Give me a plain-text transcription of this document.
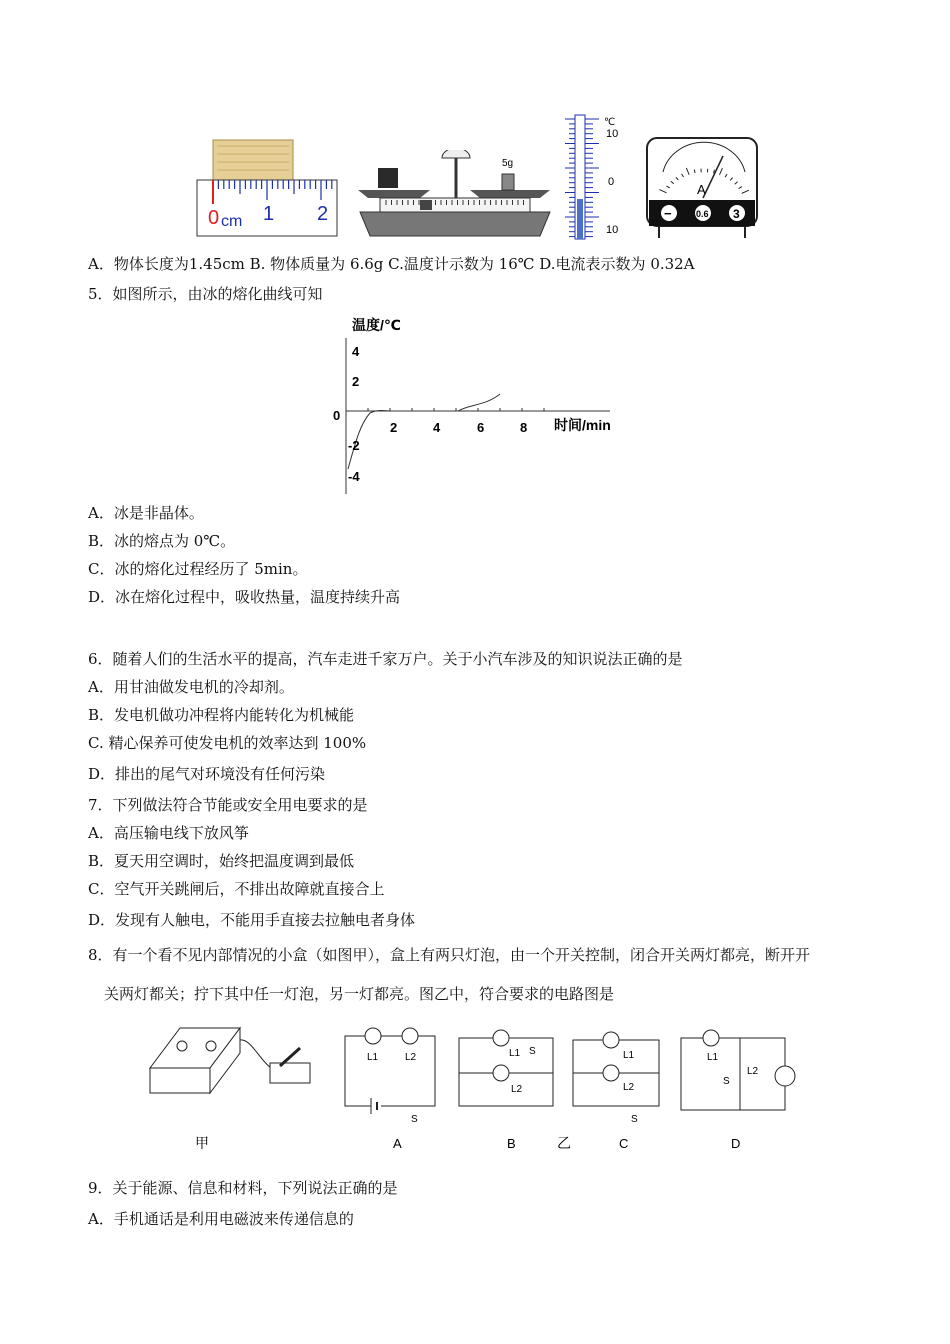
0 cm 1 2
5g
℃
10
0
10
A
−	0.6 3
A．物体长度为1.45cm B. 物体质量为 6.6g C.温度计示数为 16℃ D.电流表示数为 0.32A
5．如图所示，由冰的熔化曲线可知
温度/℃
时间/min
0
4
2
-2
-4
2	4	6	8
A．冰是非晶体。
B．冰的熔点为 0℃。
C．冰的熔化过程经历了 5min。
D．冰在熔化过程中，吸收热量，温度持续升高
6．随着人们的生活水平的提高，汽车走进千家万户。关于小汽车涉及的知识说法正确的是
A．用甘油做发电机的冷却剂。
B．发电机做功冲程将内能转化为机械能
C. 精心保养可使发电机的效率达到 100%
D．排出的尾气对环境没有任何污染
7．下列做法符合节能或安全用电要求的是
A．高压输电线下放风筝
B．夏天用空调时，始终把温度调到最低
C．空气开关跳闸后，不排出故障就直接合上
D．发现有人触电，不能用手直接去拉触电者身体
8．有一个看不见内部情况的小盒（如图甲），盒上有两只灯泡，由一个开关控制，闭合开关两灯都亮，断开开
关两灯都关；拧下其中任一灯泡，另一灯都亮。图乙中，符合要求的电路图是
甲
L1	L2
S
A
L1 S
L2
B	乙
L1
L2
S
C
L1
S
L2
D
9．关于能源、信息和材料，下列说法正确的是
A．手机通话是利用电磁波来传递信息的
